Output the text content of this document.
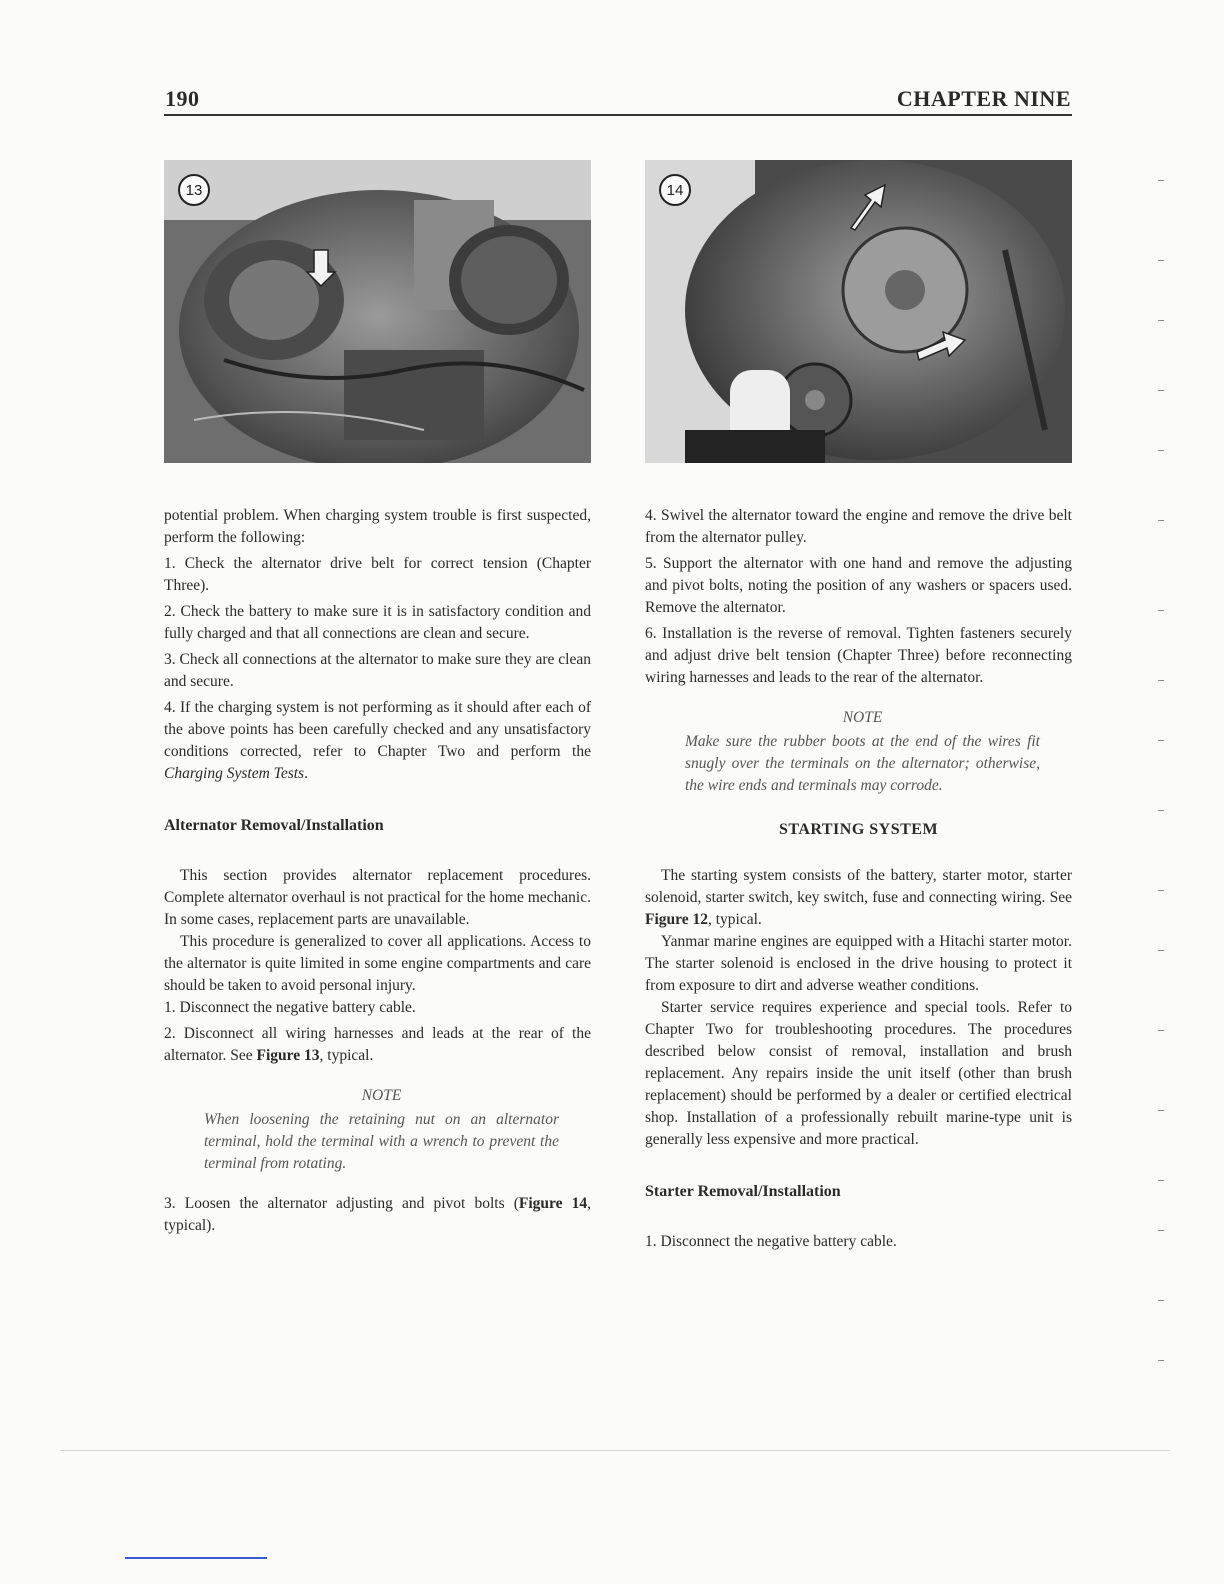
190	CHAPTER NINE
13	14

potential problem. When charging system trouble is first suspected, perform the following:

1. Check the alternator drive belt for correct tension (Chapter Three).

2. Check the battery to make sure it is in satisfactory condition and fully charged and that all connections are clean and secure.

3. Check all connections at the alternator to make sure they are clean and secure.

4. If the charging system is not performing as it should after each of the above points has been carefully checked and any unsatisfactory conditions corrected, refer to Chapter Two and perform the Charging System Tests.

Alternator Removal/Installation

This section provides alternator replacement procedures. Complete alternator overhaul is not practical for the home mechanic. In some cases, replacement parts are unavailable.

This procedure is generalized to cover all applications. Access to the alternator is quite limited in some engine compartments and care should be taken to avoid personal injury.

1. Disconnect the negative battery cable.

2. Disconnect all wiring harnesses and leads at the rear of the alternator. See Figure 13, typical.

NOTE
When loosening the retaining nut on an alternator terminal, hold the terminal with a wrench to prevent the terminal from rotating.

3. Loosen the alternator adjusting and pivot bolts (Figure 14, typical).

4. Swivel the alternator toward the engine and remove the drive belt from the alternator pulley.

5. Support the alternator with one hand and remove the adjusting and pivot bolts, noting the position of any washers or spacers used. Remove the alternator.

6. Installation is the reverse of removal. Tighten fasteners securely and adjust drive belt tension (Chapter Three) before reconnecting wiring harnesses and leads to the rear of the alternator.

NOTE
Make sure the rubber boots at the end of the wires fit snugly over the terminals on the alternator; otherwise, the wire ends and terminals may corrode.

STARTING SYSTEM

The starting system consists of the battery, starter motor, starter solenoid, starter switch, key switch, fuse and connecting wiring. See Figure 12, typical.

Yanmar marine engines are equipped with a Hitachi starter motor. The starter solenoid is enclosed in the drive housing to protect it from exposure to dirt and adverse weather conditions.

Starter service requires experience and special tools. Refer to Chapter Two for troubleshooting procedures. The procedures described below consist of removal, installation and brush replacement. Any repairs inside the unit itself (other than brush replacement) should be performed by a dealer or certified electrical shop. Installation of a professionally rebuilt marine-type unit is generally less expensive and more practical.

Starter Removal/Installation

1. Disconnect the negative battery cable.
